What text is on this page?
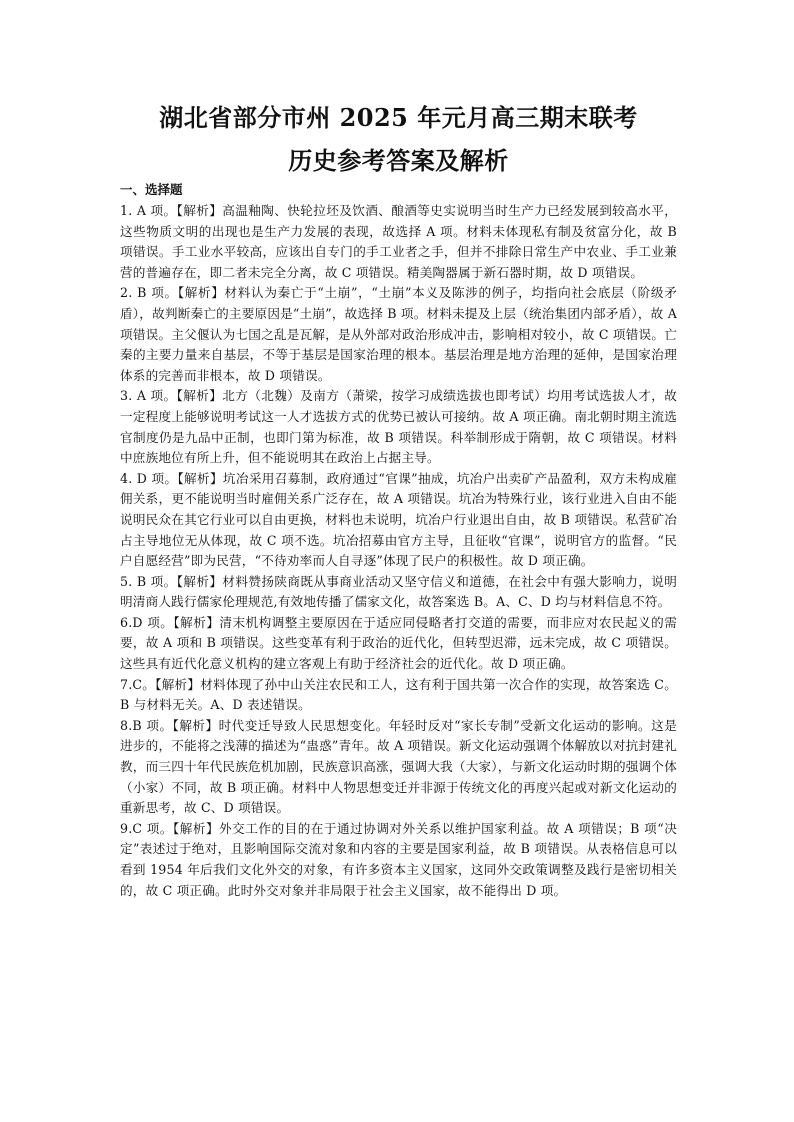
湖北省部分市州 2025 年元月高三期末联考
历史参考答案及解析
一、选择题

1. A 项。【解析】高温釉陶、快轮拉坯及饮酒、酿酒等史实说明当时生产力已经发展到较高水平，这些物质文明的出现也是生产力发展的表现，故选择 A 项。材料未体现私有制及贫富分化，故 B 项错误。手工业水平较高，应该出自专门的手工业者之手，但并不排除日常生产中农业、手工业兼营的普遍存在，即二者未完全分离，故 C 项错误。精美陶器属于新石器时期，故 D 项错误。

2. B 项。【解析】材料认为秦亡于“土崩”，“土崩”本义及陈涉的例子，均指向社会底层（阶级矛盾），故判断秦亡的主要原因是“土崩”，故选择 B 项。材料未提及上层（统治集团内部矛盾），故 A 项错误。主父偃认为七国之乱是瓦解，是从外部对政治形成冲击，影响相对较小，故 C 项错误。亡秦的主要力量来自基层，不等于基层是国家治理的根本。基层治理是地方治理的延伸，是国家治理体系的完善而非根本，故 D 项错误。

3. A 项。【解析】北方（北魏）及南方（萧梁，按学习成绩选拔也即考试）均用考试选拔人才，故一定程度上能够说明考试这一人才选拔方式的优势已被认可接纳。故 A 项正确。南北朝时期主流选官制度仍是九品中正制，也即门第为标准，故 B 项错误。科举制形成于隋朝，故 C 项错误。材料中庶族地位有所上升，但不能说明其在政治上占据主导。

4. D 项。【解析】坑冶采用召募制，政府通过“官课”抽成，坑冶户出卖矿产品盈利，双方未构成雇佣关系，更不能说明当时雇佣关系广泛存在，故 A 项错误。坑冶为特殊行业，该行业进入自由不能说明民众在其它行业可以自由更换，材料也未说明，坑冶户行业退出自由，故 B 项错误。私营矿冶占主导地位无从体现，故 C 项不选。坑冶招募由官方主导，且征收“官课”，说明官方的监督。“民户自愿经营”即为民营，“不待劝率而人自寻逐”体现了民户的积极性。故 D 项正确。

5. B 项。【解析】材料赞扬陕商既从事商业活动又坚守信义和道德，在社会中有强大影响力，说明明清商人践行儒家伦理规范,有效地传播了儒家文化，故答案选 B。A、C、D 均与材料信息不符。

6.D 项。【解析】清末机构调整主要原因在于适应同侵略者打交道的需要，而非应对农民起义的需要，故 A 项和 B 项错误。这些变革有利于政治的近代化，但转型迟滞，远未完成，故 C 项错误。这些具有近代化意义机构的建立客观上有助于经济社会的近代化。故 D 项正确。

7.C。【解析】材料体现了孙中山关注农民和工人，这有利于国共第一次合作的实现，故答案选 C。B 与材料无关。A、D 表述错误。

8.B 项。【解析】时代变迁导致人民思想变化。年轻时反对“家长专制”受新文化运动的影响。这是进步的，不能将之浅薄的描述为“蛊惑”青年。故 A 项错误。新文化运动强调个体解放以对抗封建礼教，而三四十年代民族危机加剧，民族意识高涨，强调大我（大家），与新文化运动时期的强调个体（小家）不同，故 B 项正确。材料中人物思想变迁并非源于传统文化的再度兴起或对新文化运动的重新思考，故 C、D 项错误。

9.C 项。【解析】外交工作的目的在于通过协调对外关系以维护国家利益。故 A 项错误；B 项“决定”表述过于绝对，且影响国际交流对象和内容的主要是国家利益，故 B 项错误。从表格信息可以看到 1954 年后我们文化外交的对象，有许多资本主义国家，这同外交政策调整及践行是密切相关的，故 C 项正确。此时外交对象并非局限于社会主义国家，故不能得出 D 项。
